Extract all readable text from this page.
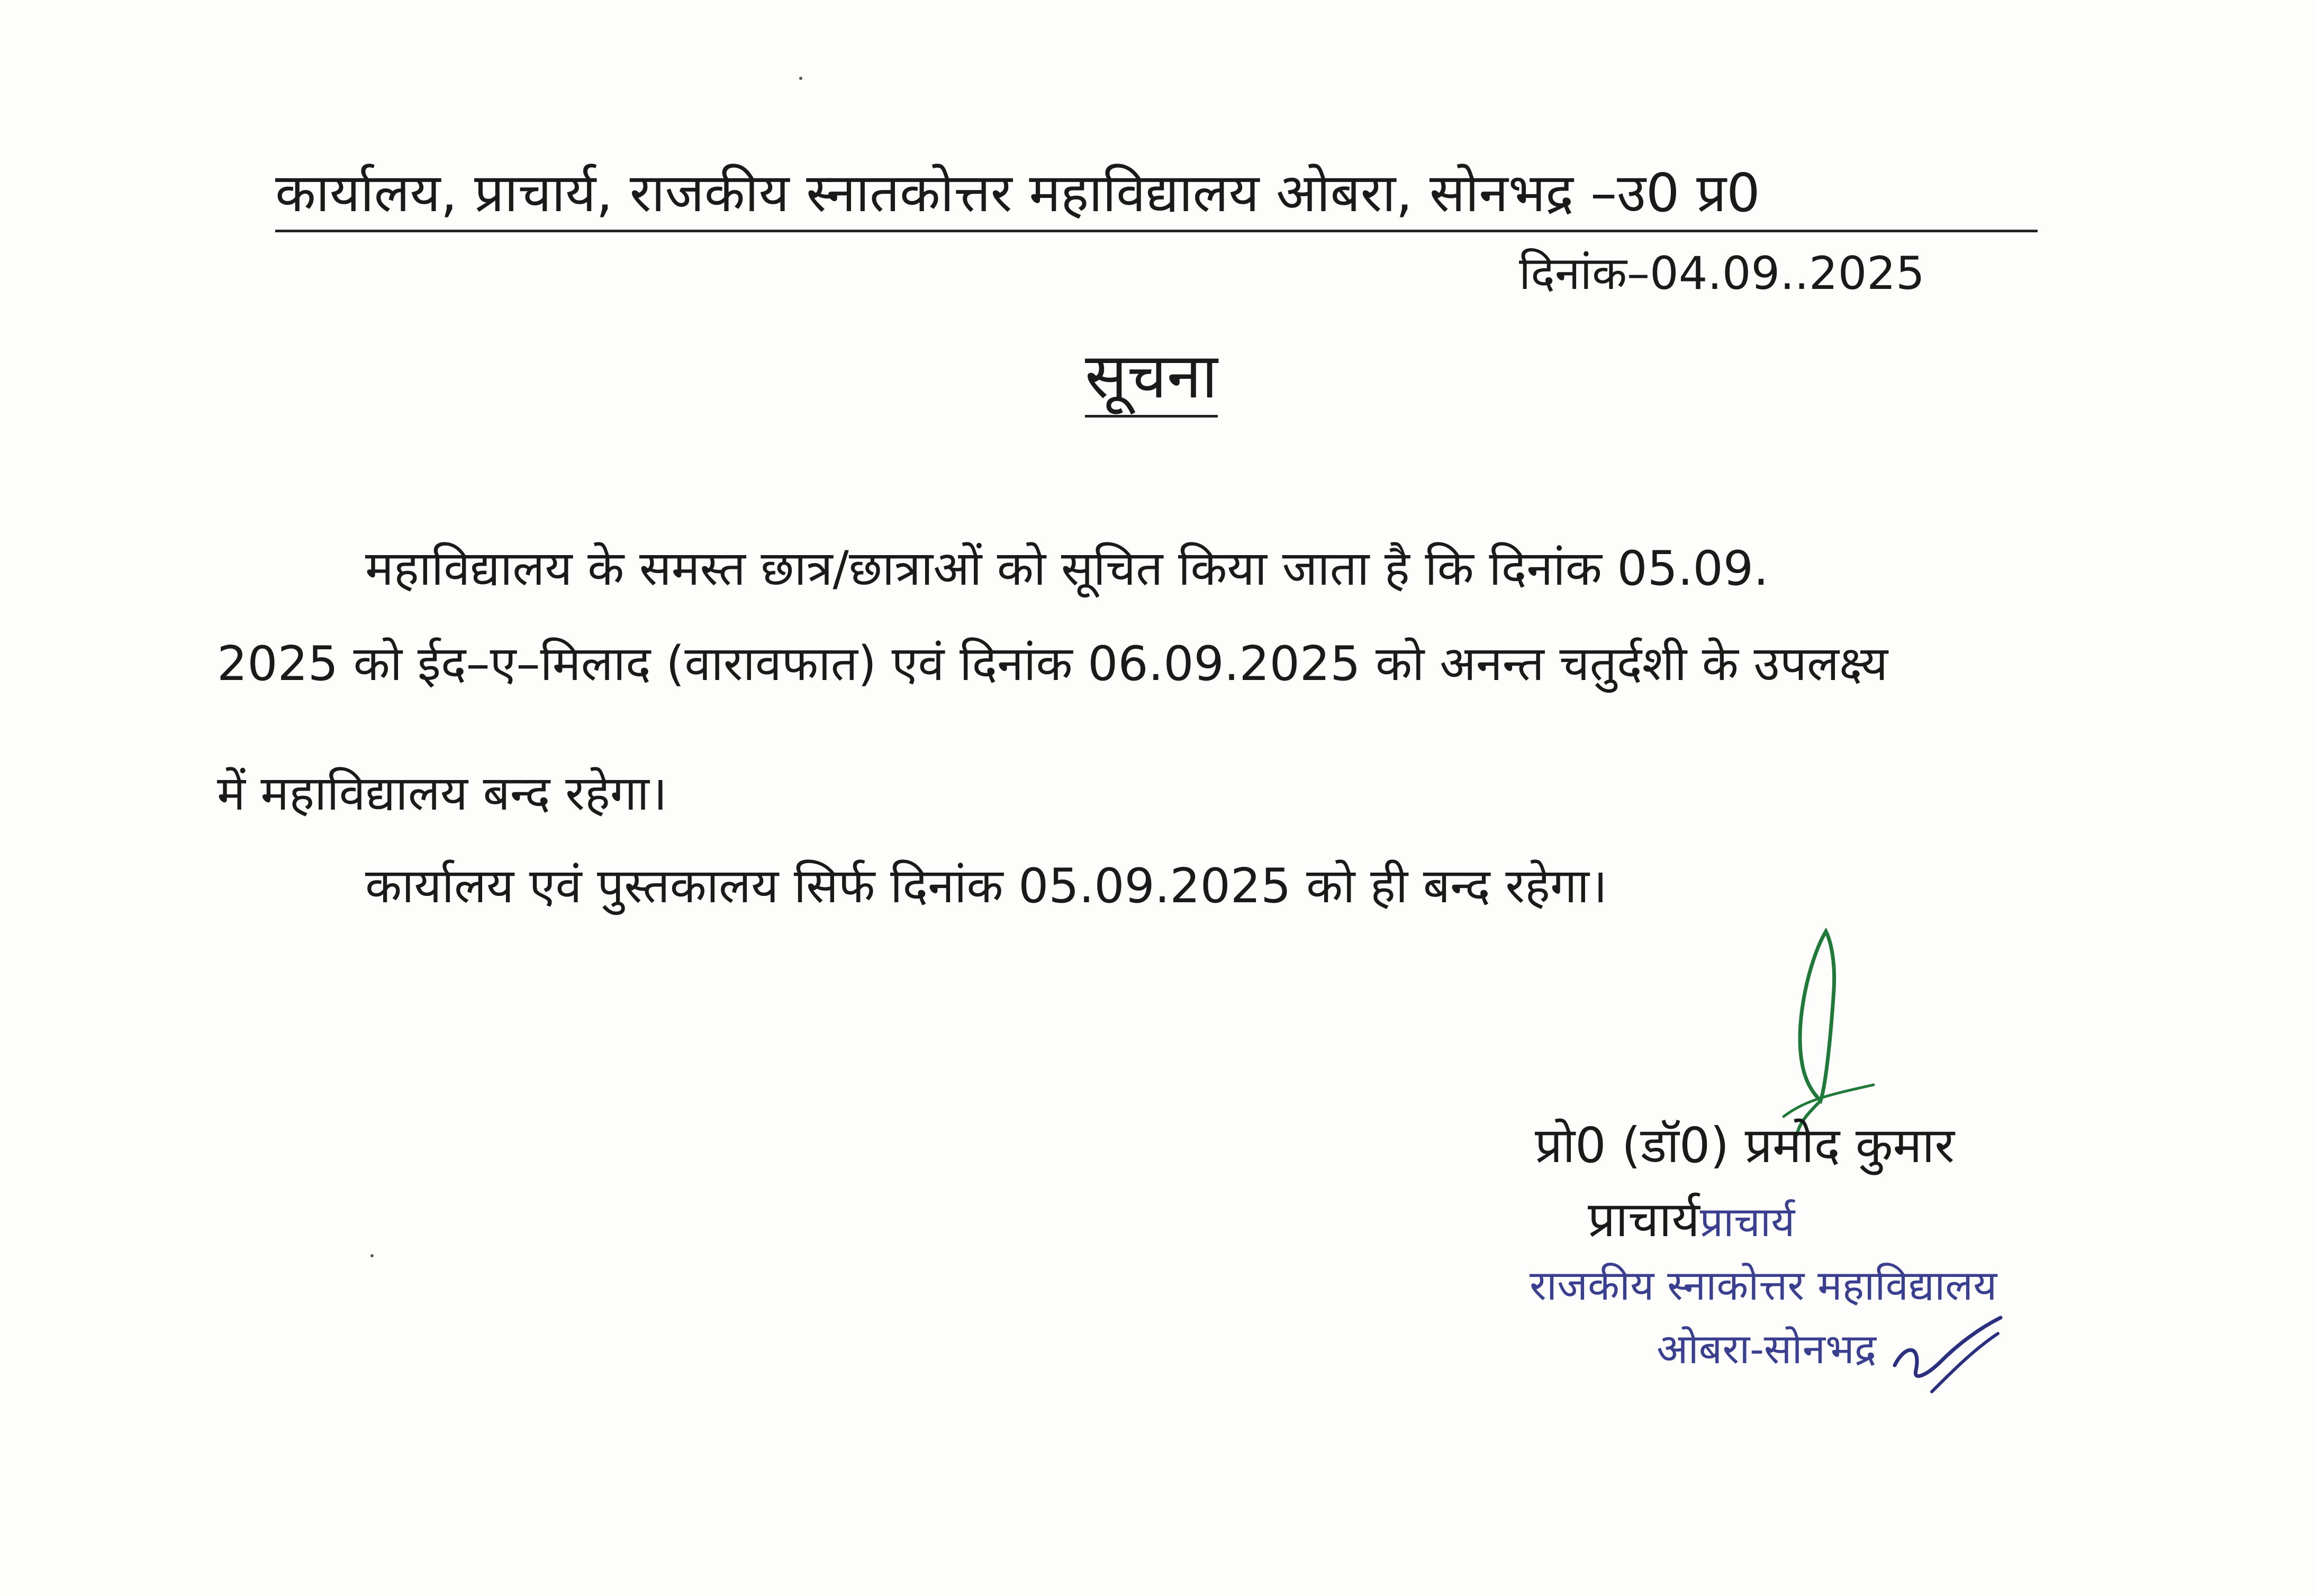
कार्यालय, प्राचार्य, राजकीय स्नातकोत्तर महाविद्यालय ओबरा, सोनभद्र –उ0 प्र0
दिनांक–04.09..2025
सूचना
महाविद्यालय के समस्त छात्र/छात्राओं को सूचित किया जाता है कि दिनांक 05.09.
2025 को ईद–ए–मिलाद (वारावफात) एवं दिनांक 06.09.2025 को अनन्त चतुर्दशी के उपलक्ष्य
में महाविद्यालय बन्द रहेगा।
कार्यालय एवं पुस्तकालय सिर्फ दिनांक 05.09.2025 को ही बन्द रहेगा।
प्रो0 (डॉ0) प्रमोद कुमार
प्राचार्यप्राचार्य
राजकीय स्नाकोत्तर महाविद्यालय
ओबरा-सोनभद्र
